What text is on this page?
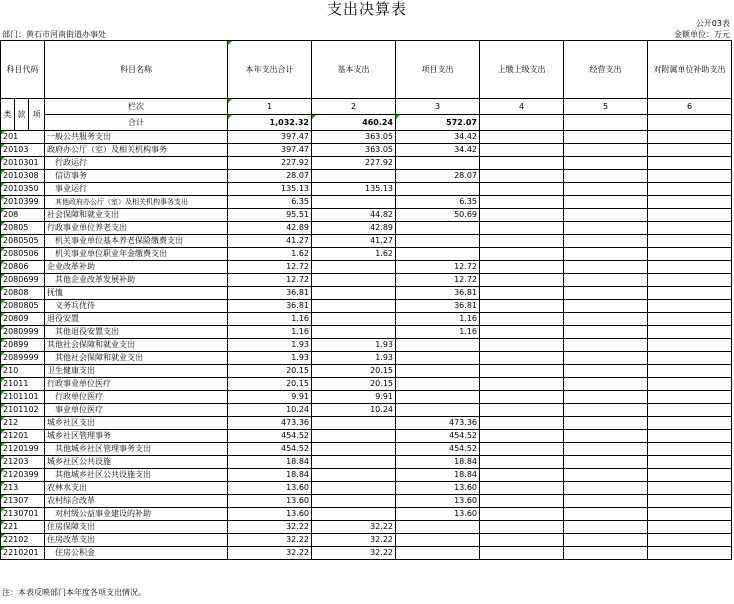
支出决算表
公开03表
部门：黄石市河南街道办事处	金额单位：万元
科目代码			科目名称	本年支出合计	基本支出	项目支出	上缴上级支出	经营支出	对附属单位补助支出
类	款	项							
			栏次	1	2	3	4	5	6
			合计	1,032.32	460.24	572.07			
201			一般公共服务支出	397.47	363.05	34.42			
20103			政府办公厅（室）及相关机构事务	397.47	363.05	34.42			
2010301			行政运行	227.92	227.92				
2010308			信访事务	28.07		28.07			
2010350			事业运行	135.13	135.13				
2010399			其他政府办公厅（室）及相关机构事务支出	6.35		6.35			
208			社会保障和就业支出	95.51	44.82	50.69			
20805			行政事业单位养老支出	42.89	42.89				
2080505			机关事业单位基本养老保险缴费支出	41.27	41.27				
2080506			机关事业单位职业年金缴费支出	1.62	1.62				
20806			企业改革补助	12.72		12.72			
2080699			其他企业改革发展补助	12.72		12.72			
20808			抚恤	36.81		36.81			
2080805			义务兵优待	36.81		36.81			
20809			退役安置	1.16		1.16			
2080999			其他退役安置支出	1.16		1.16			
20899			其他社会保障和就业支出	1.93	1.93				
2089999			其他社会保障和就业支出	1.93	1.93				
210			卫生健康支出	20.15	20.15				
21011			行政事业单位医疗	20.15	20.15				
2101101			行政单位医疗	9.91	9.91				
2101102			事业单位医疗	10.24	10.24				
212			城乡社区支出	473.36		473.36			
21201			城乡社区管理事务	454.52		454.52			
2120199			其他城乡社区管理事务支出	454.52		454.52			
21203			城乡社区公共设施	18.84		18.84			
2120399			其他城乡社区公共设施支出	18.84		18.84			
213			农林水支出	13.60		13.60			
21307			农村综合改革	13.60		13.60			
2130701			对村级公益事业建设的补助	13.60		13.60			
221			住房保障支出	32.22	32.22				
22102			住房改革支出	32.22	32.22				
2210201			住房公积金	32.22	32.22				
注：本表反映部门本年度各项支出情况。
